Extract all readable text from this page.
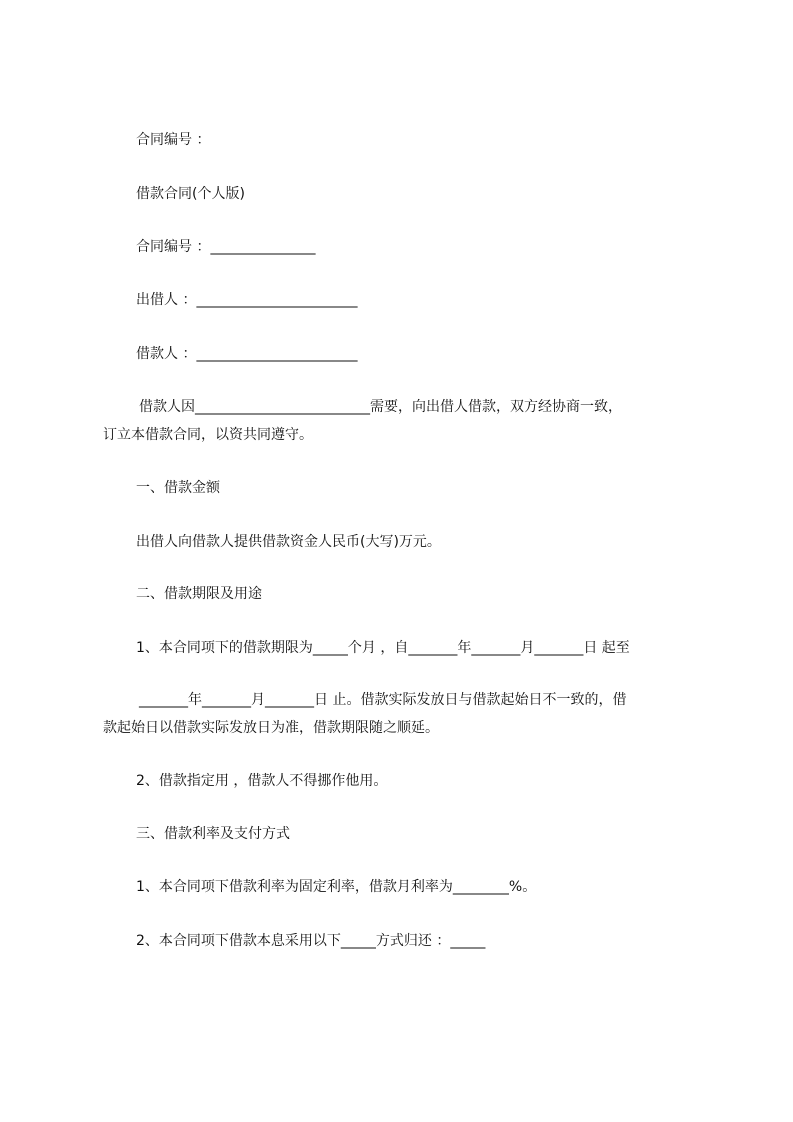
合同编号 ：
借款合同(个人版)
合同编号 ：_______________
出借人 ：_______________________
借款人 ：_______________________
借款人因_________________________需要，向出借人借款，双方经协商一致，
订立本借款合同，以资共同遵守。
一、借款金额
出借人向借款人提供借款资金人民币(大写)万元。
二、借款期限及用途
1、本合同项下的借款期限为_____个月 ，自_______年_______月_______日 起至
_______年_______月_______日 止。借款实际发放日与借款起始日不一致的，借
款起始日以借款实际发放日为准，借款期限随之顺延。
2、借款指定用 ，借款人不得挪作他用。
三、借款利率及支付方式
1、本合同项下借款利率为固定利率，借款月利率为________%。
2、本合同项下借款本息采用以下_____方式归还 ：_____
